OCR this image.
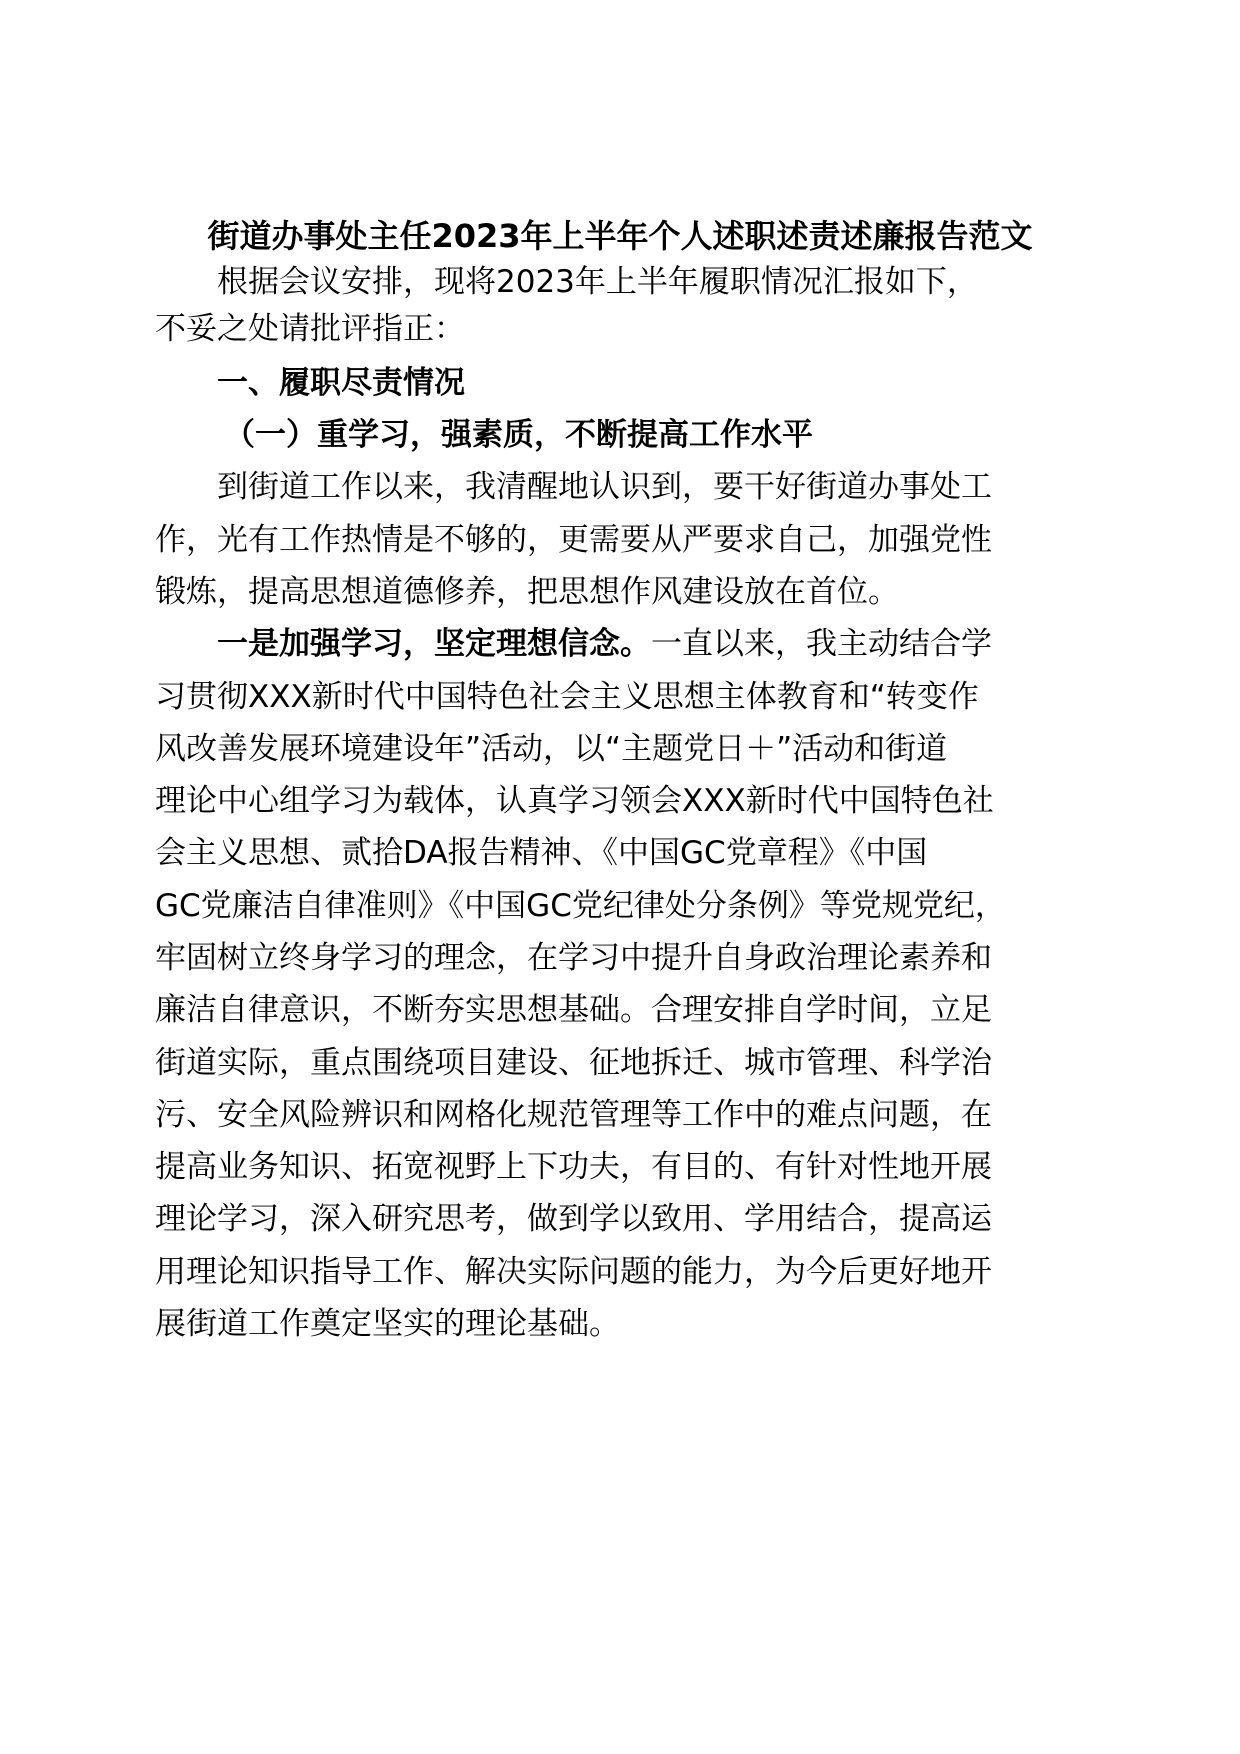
街道办事处主任2023年上半年个人述职述责述廉报告范文
根据会议安排，现将2023年上半年履职情况汇报如下，
不妥之处请批评指正：
一、履职尽责情况
（一）重学习，强素质，不断提高工作水平
到街道工作以来，我清醒地认识到，要干好街道办事处工
作，光有工作热情是不够的，更需要从严要求自己，加强党性
锻炼，提高思想道德修养，把思想作风建设放在首位。
一是加强学习，坚定理想信念。一直以来，我主动结合学
习贯彻XXX新时代中国特色社会主义思想主体教育和“转变作
风改善发展环境建设年”活动，以“主题党日＋”活动和街道
理论中心组学习为载体，认真学习领会XXX新时代中国特色社
会主义思想、贰拾DA报告精神、《中国GC党章程》《中国
GC党廉洁自律准则》《中国GC党纪律处分条例》等党规党纪，
牢固树立终身学习的理念，在学习中提升自身政治理论素养和
廉洁自律意识，不断夯实思想基础。合理安排自学时间，立足
街道实际，重点围绕项目建设、征地拆迁、城市管理、科学治
污、安全风险辨识和网格化规范管理等工作中的难点问题，在
提高业务知识、拓宽视野上下功夫，有目的、有针对性地开展
理论学习，深入研究思考，做到学以致用、学用结合，提高运
用理论知识指导工作、解决实际问题的能力，为今后更好地开
展街道工作奠定坚实的理论基础。
